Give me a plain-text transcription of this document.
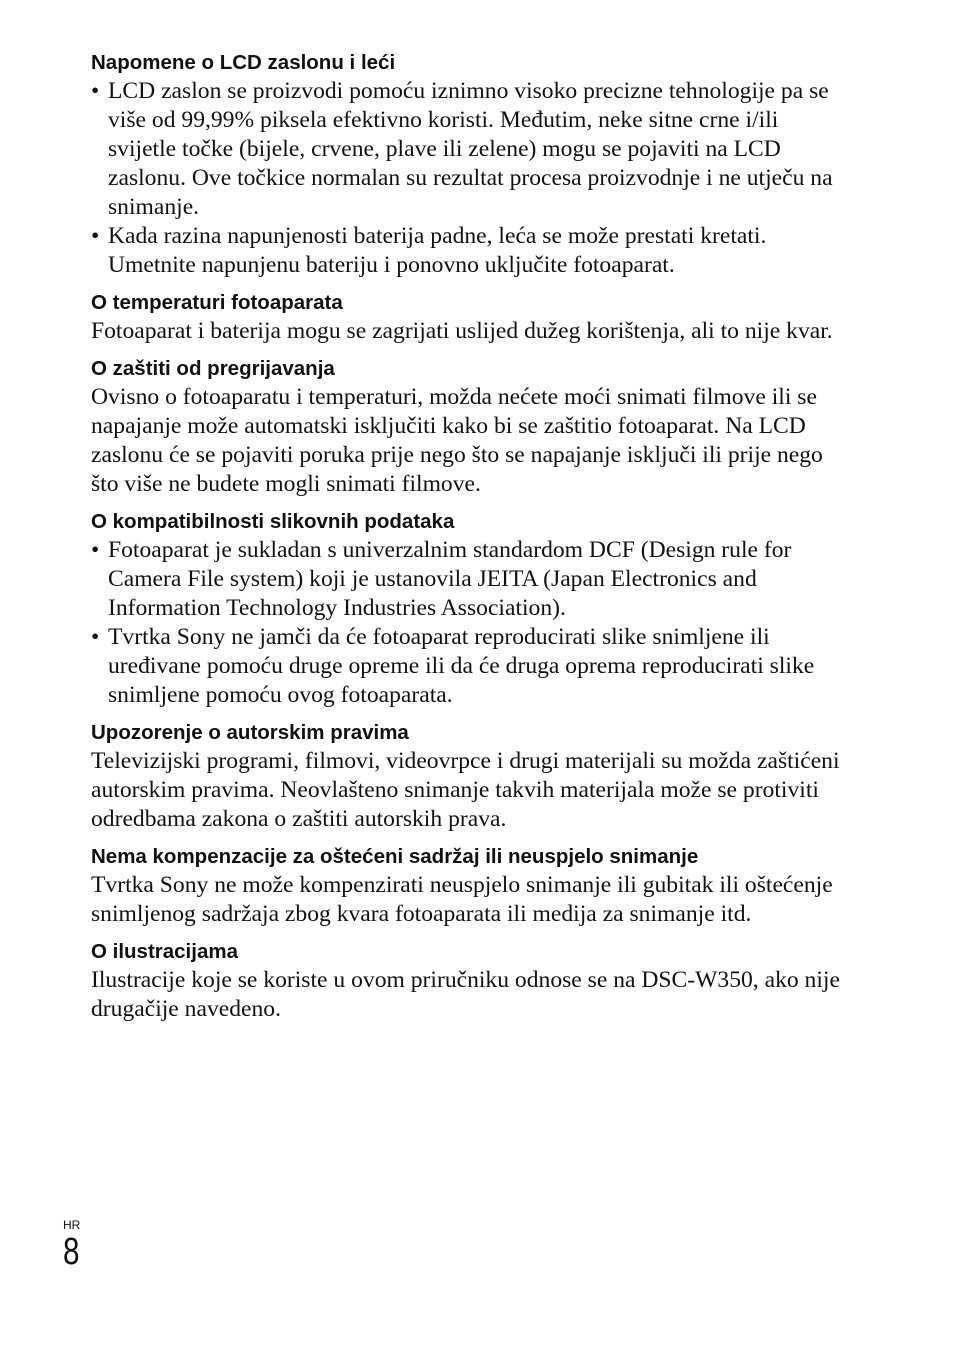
Napomene o LCD zaslonu i leći
• LCD zaslon se proizvodi pomoću iznimno visoko precizne tehnologije pa se više od 99,99% piksela efektivno koristi. Međutim, neke sitne crne i/ili svijetle točke (bijele, crvene, plave ili zelene) mogu se pojaviti na LCD zaslonu. Ove točkice normalan su rezultat procesa proizvodnje i ne utječu na snimanje.
• Kada razina napunjenosti baterija padne, leća se može prestati kretati. Umetnite napunjenu bateriju i ponovno uključite fotoaparat.
O temperaturi fotoaparata

Fotoaparat i baterija mogu se zagrijati uslijed dužeg korištenja, ali to nije kvar.

O zaštiti od pregrijavanja

Ovisno o fotoaparatu i temperaturi, možda nećete moći snimati filmove ili se napajanje može automatski isključiti kako bi se zaštitio fotoaparat. Na LCD zaslonu će se pojaviti poruka prije nego što se napajanje isključi ili prije nego što više ne budete mogli snimati filmove.

O kompatibilnosti slikovnih podataka
• Fotoaparat je sukladan s univerzalnim standardom DCF (Design rule for Camera File system) koji je ustanovila JEITA (Japan Electronics and Information Technology Industries Association).
• Tvrtka Sony ne jamči da će fotoaparat reproducirati slike snimljene ili uređivane pomoću druge opreme ili da će druga oprema reproducirati slike snimljene pomoću ovog fotoaparata.
Upozorenje o autorskim pravima

Televizijski programi, filmovi, videovrpce i drugi materijali su možda zaštićeni autorskim pravima. Neovlašteno snimanje takvih materijala može se protiviti odredbama zakona o zaštiti autorskih prava.

Nema kompenzacije za oštećeni sadržaj ili neuspjelo snimanje

Tvrtka Sony ne može kompenzirati neuspjelo snimanje ili gubitak ili oštećenje snimljenog sadržaja zbog kvara fotoaparata ili medija za snimanje itd.

O ilustracijama

Ilustracije koje se koriste u ovom priručniku odnose se na DSC-W350, ako nije drugačije navedeno.

HR
8
